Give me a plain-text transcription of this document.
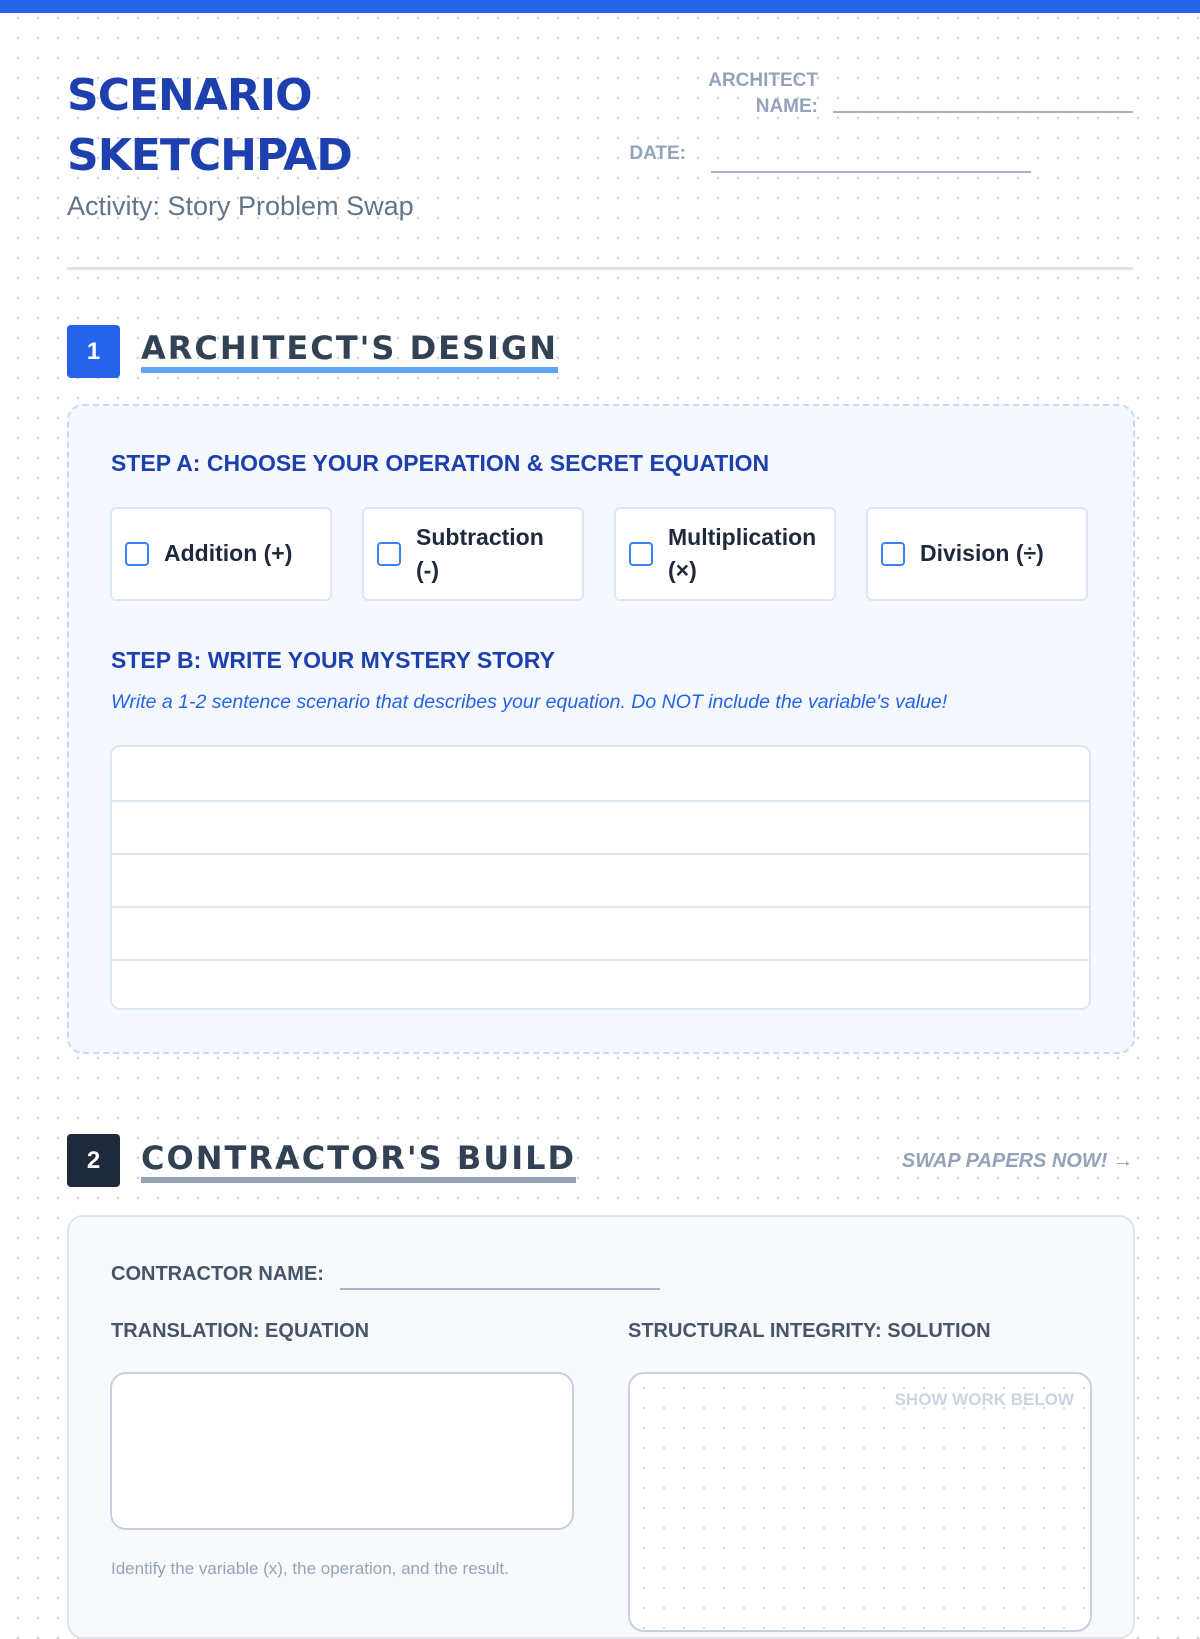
SCENARIO
SKETCHPAD
Activity: Story Problem Swap
ARCHITECT
NAME:
DATE:
1	ARCHITECT'S DESIGN
STEP A: CHOOSE YOUR OPERATION & SECRET EQUATION
Addition (+)
Subtraction
(-)
Multiplication
(×)
Division (÷)
STEP B: WRITE YOUR MYSTERY STORY
Write a 1-2 sentence scenario that describes your equation. Do NOT include the variable's value!
2	CONTRACTOR'S BUILD	SWAP PAPERS NOW! →
CONTRACTOR NAME:
TRANSLATION: EQUATION
Identify the variable (x), the operation, and the result.
STRUCTURAL INTEGRITY: SOLUTION
SHOW WORK BELOW
